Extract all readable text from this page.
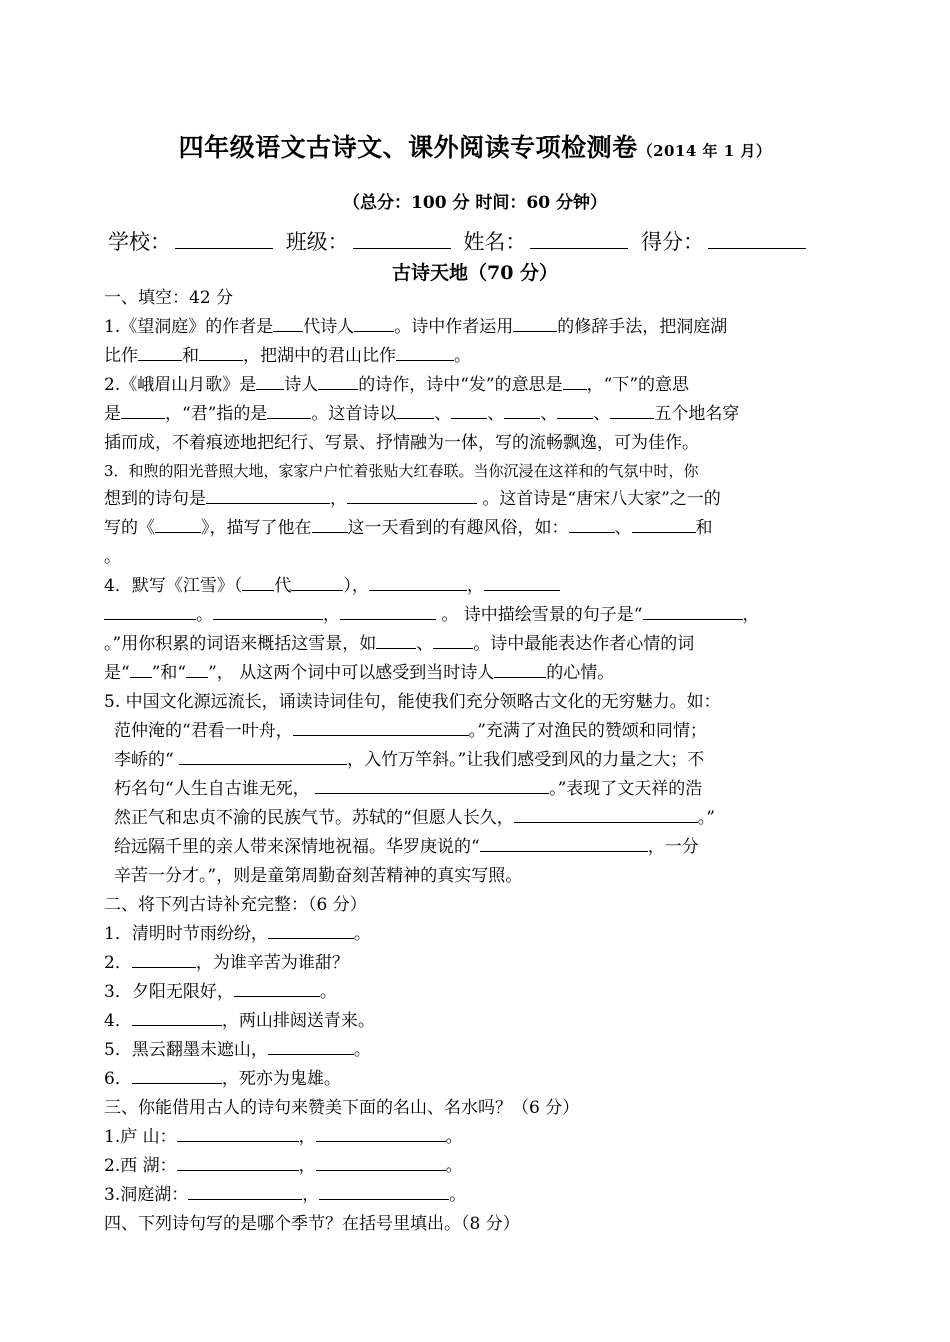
四年级语文古诗文、课外阅读专项检测卷（2014 年 1 月）
（总分：100 分 时间：60 分钟）
学校：	班级：	姓名：	得分：
古诗天地（70 分）
一、填空：42 分
1.《望洞庭》的作者是 代诗人 。诗中作者运用	的修辞手法，把洞庭湖
比作	和	，把湖中的君山比作	。
2.《峨眉山月歌》是 诗人 的诗作，诗中“发”的意思是 ，“下”的意思
是	，“君”指的是	。这首诗以 、 、 、 、	五个地名穿
插而成，不着痕迹地把纪行、写景、抒情融为一体，写的流畅飘逸，可为佳作。
3．和煦的阳光普照大地，家家户户忙着张贴大红春联。当你沉浸在这祥和的气氛中时，你
想到的诗句是	，	。这首诗是“唐宋八大家”之一的
写的《	》，描写了他在 这一天看到的有趣风俗，如：	、	和
。
4．默写《江雪》（ 代	），	，
。	，	。 诗中描绘雪景的句子是“	，
。”用你积累的词语来概括这雪景，如 、 。诗中最能表达作者心情的词
是“ ”和“ ”， 从这两个词中可以感受到当时诗人	的心情。
5. 中国文化源远流长，诵读诗词佳句，能使我们充分领略古文化的无穷魅力。如：
范仲淹的“君看一叶舟，	。”充满了对渔民的赞颂和同情；
李峤的“	，入竹万竿斜。”让我们感受到风的力量之大；不
朽名句“人生自古谁无死，	。”表现了文天祥的浩
然正气和忠贞不渝的民族气节。苏轼的“但愿人长久，	。”
给远隔千里的亲人带来深情地祝福。华罗庚说的“	，一分
辛苦一分才。”，则是童第周勤奋刻苦精神的真实写照。
二、将下列古诗补充完整：（6 分）
1．清明时节雨纷纷，	。
2．	，为谁辛苦为谁甜？
3．夕阳无限好，	。
4．	，两山排闼送青来。
5．黑云翻墨未遮山，	。
6．	，死亦为鬼雄。
三、你能借用古人的诗句来赞美下面的名山、名水吗？（6 分）
1.庐 山：	，	。
2.西 湖：	，	。
3.洞庭湖：	，	。
四、下列诗句写的是哪个季节？在括号里填出。（8 分）
